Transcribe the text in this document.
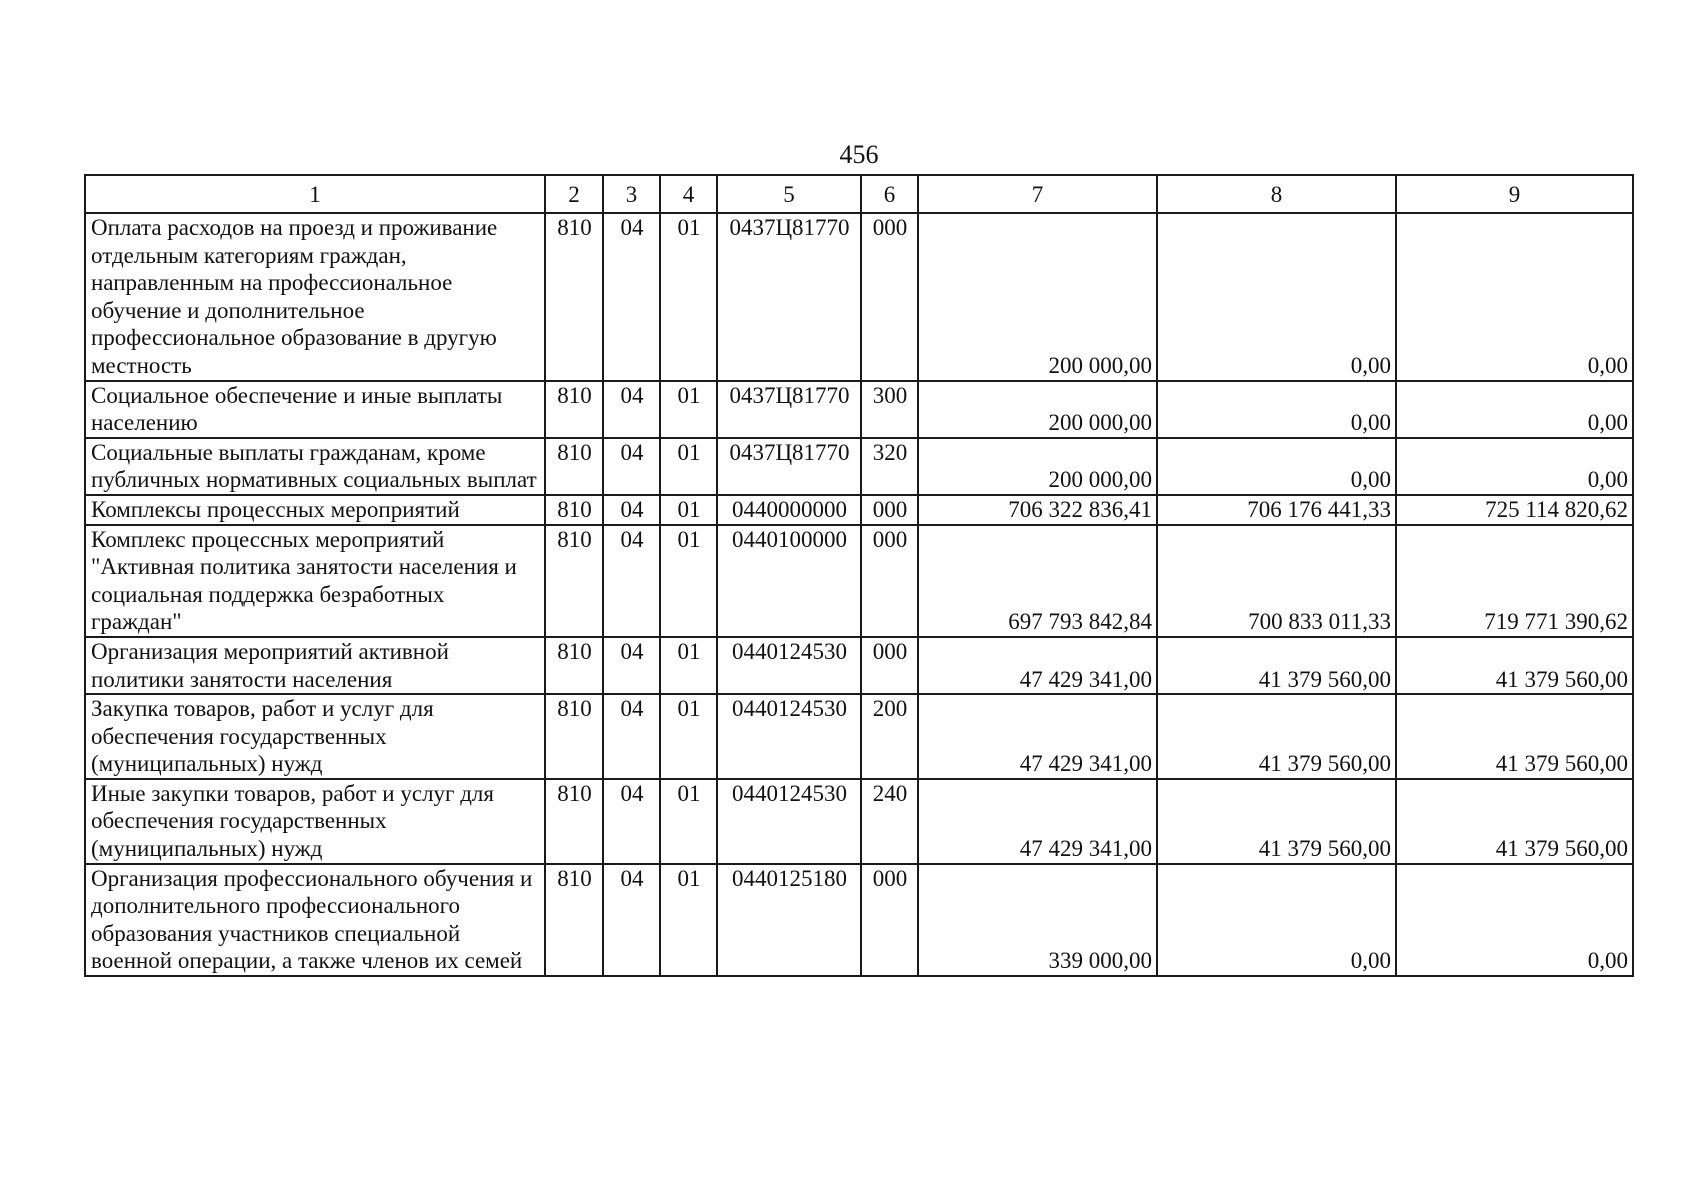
456
1	2	3	4	5	6	7	8	9
Оплата расходов на проезд и проживание отдельным категориям граждан, направленным на профессиональное обучение и дополнительное профессиональное образование в другую местность	810	04	01	0437Ц81770	000	200 000,00	0,00	0,00
Социальное обеспечение и иные выплаты населению	810	04	01	0437Ц81770	300	200 000,00	0,00	0,00
Социальные выплаты гражданам, кроме публичных нормативных социальных выплат	810	04	01	0437Ц81770	320	200 000,00	0,00	0,00
Комплексы процессных мероприятий	810	04	01	0440000000	000	706 322 836,41	706 176 441,33	725 114 820,62
Комплекс процессных мероприятий "Активная политика занятости населения и социальная поддержка безработных граждан"	810	04	01	0440100000	000	697 793 842,84	700 833 011,33	719 771 390,62
Организация мероприятий активной политики занятости населения	810	04	01	0440124530	000	47 429 341,00	41 379 560,00	41 379 560,00
Закупка товаров, работ и услуг для обеспечения государственных (муниципальных) нужд	810	04	01	0440124530	200	47 429 341,00	41 379 560,00	41 379 560,00
Иные закупки товаров, работ и услуг для обеспечения государственных (муниципальных) нужд	810	04	01	0440124530	240	47 429 341,00	41 379 560,00	41 379 560,00
Организация профессионального обучения и дополнительного профессионального образования участников специальной военной операции, а также членов их семей	810	04	01	0440125180	000	339 000,00	0,00	0,00
